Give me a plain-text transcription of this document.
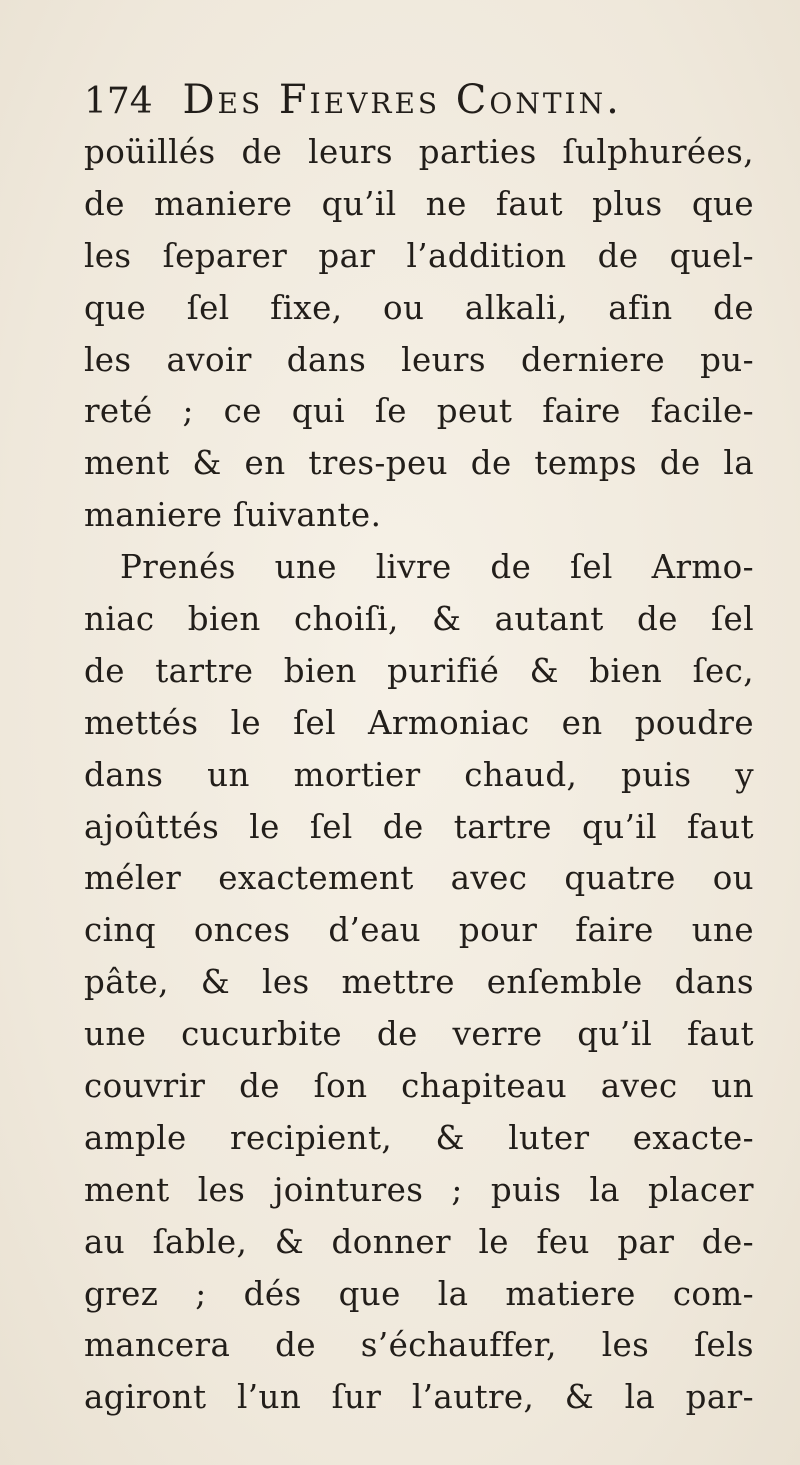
174 Des Fievres Contin.
poüillés de leurs parties ſulphurées,
de maniere qu’il ne faut plus que
les ſeparer par l’addition de quel-
que ſel fixe, ou alkali, afin de
les avoir dans leurs derniere pu-
reté ; ce qui ſe peut faire facile-
ment & en tres-peu de temps de la
maniere ſuivante.
Prenés une livre de ſel Armo-
niac bien choiſi, & autant de ſel
de tartre bien purifié & bien ſec,
mettés le ſel Armoniac en poudre
dans un mortier chaud, puis y
ajoûttés le ſel de tartre qu’il faut
méler exactement avec quatre ou
cinq onces d’eau pour faire une
pâte, & les mettre enſemble dans
une cucurbite de verre qu’il faut
couvrir de ſon chapiteau avec un
ample recipient, & luter exacte-
ment les jointures ; puis la placer
au ſable, & donner le feu par de-
grez ; dés que la matiere com-
mancera de s’échauffer, les ſels
agiront l’un ſur l’autre, & la par-
